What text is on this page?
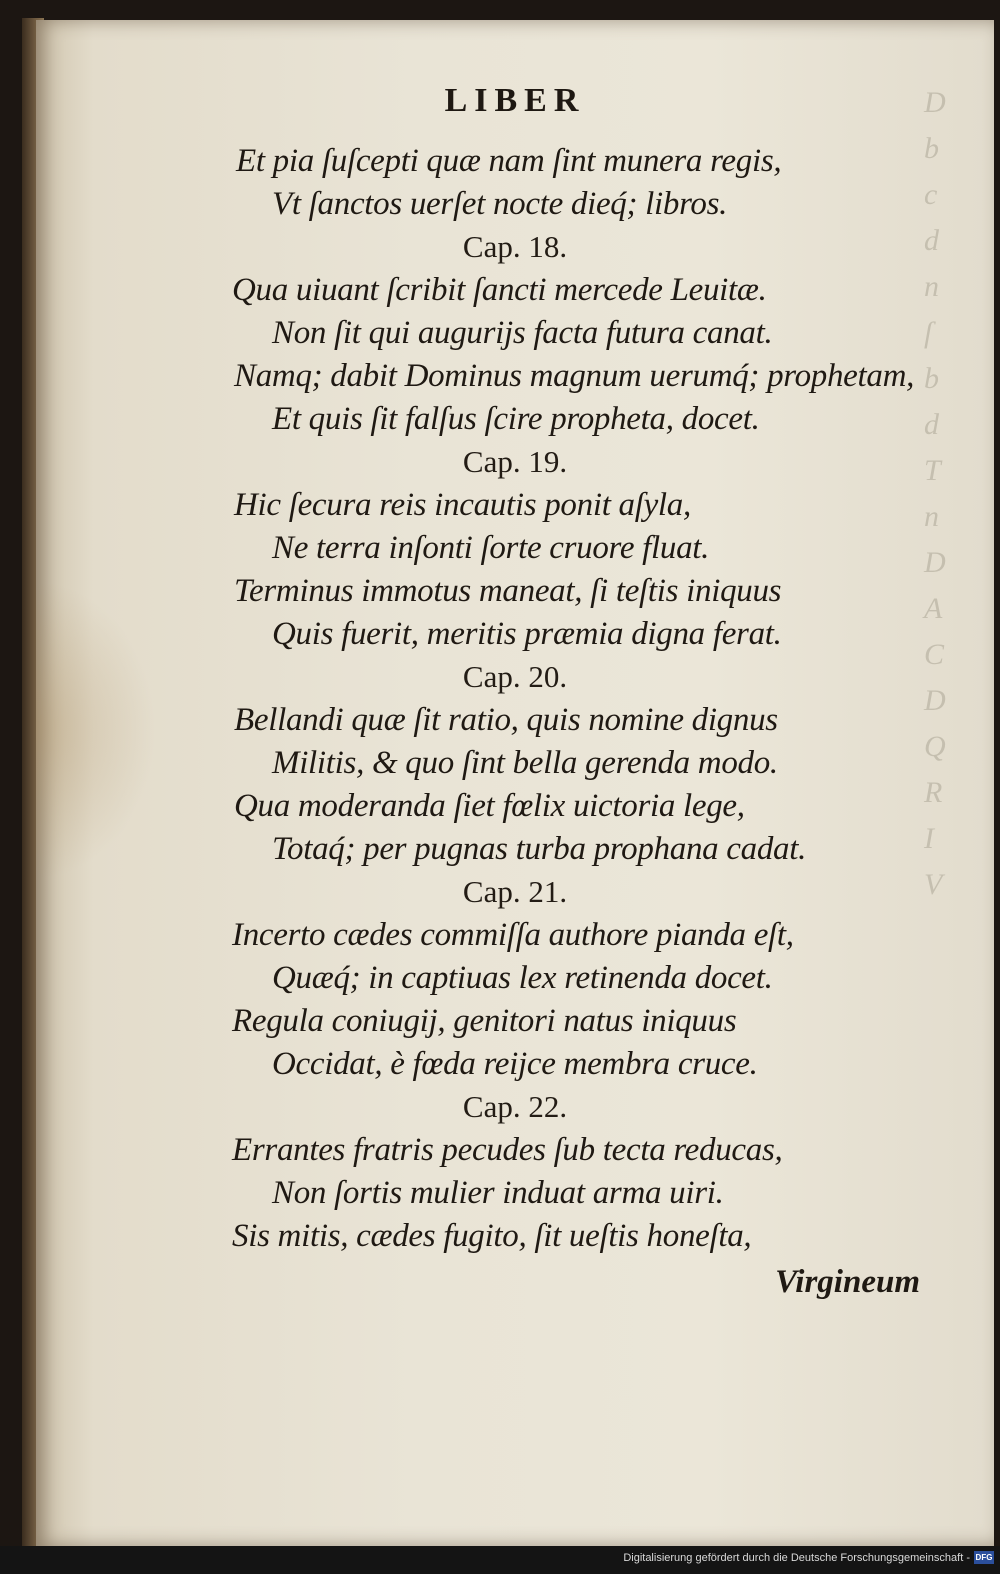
D
b
c
d
n
ſ
b
d
T
n
D
A
C
D
Q
R
I
V
LIBER
Et pia ſuſcepti quæ nam ſint munera regis,
Vt ſanctos uerſet nocte dieq́; libros.
Cap. 18.
Qua uiuant ſcribit ſancti mercede Leuitæ.
Non ſit qui augurijs facta futura canat.
Namq; dabit Dominus magnum uerumq́; prophetam,
Et quis ſit falſus ſcire propheta, docet.
Cap. 19.
Hic ſecura reis incautis ponit aſyla,
Ne terra inſonti ſorte cruore fluat.
Terminus immotus maneat, ſi teſtis iniquus
Quis fuerit, meritis præmia digna ferat.
Cap. 20.
Bellandi quæ ſit ratio, quis nomine dignus
Militis, & quo ſint bella gerenda modo.
Qua moderanda ſiet fœlix uictoria lege,
Totaq́; per pugnas turba prophana cadat.
Cap. 21.
Incerto cædes commiſſa authore pianda eſt,
Quæq́; in captiuas lex retinenda docet.
Regula coniugij, genitori natus iniquus
Occidat, è fœda reijce membra cruce.
Cap. 22.
Errantes fratris pecudes ſub tecta reducas,
Non ſortis mulier induat arma uiri.
Sis mitis, cædes fugito, ſit ueſtis honeſta,
Virgineum
Digitalisierung gefördert durch die Deutsche Forschungsgemeinschaft - DFG
